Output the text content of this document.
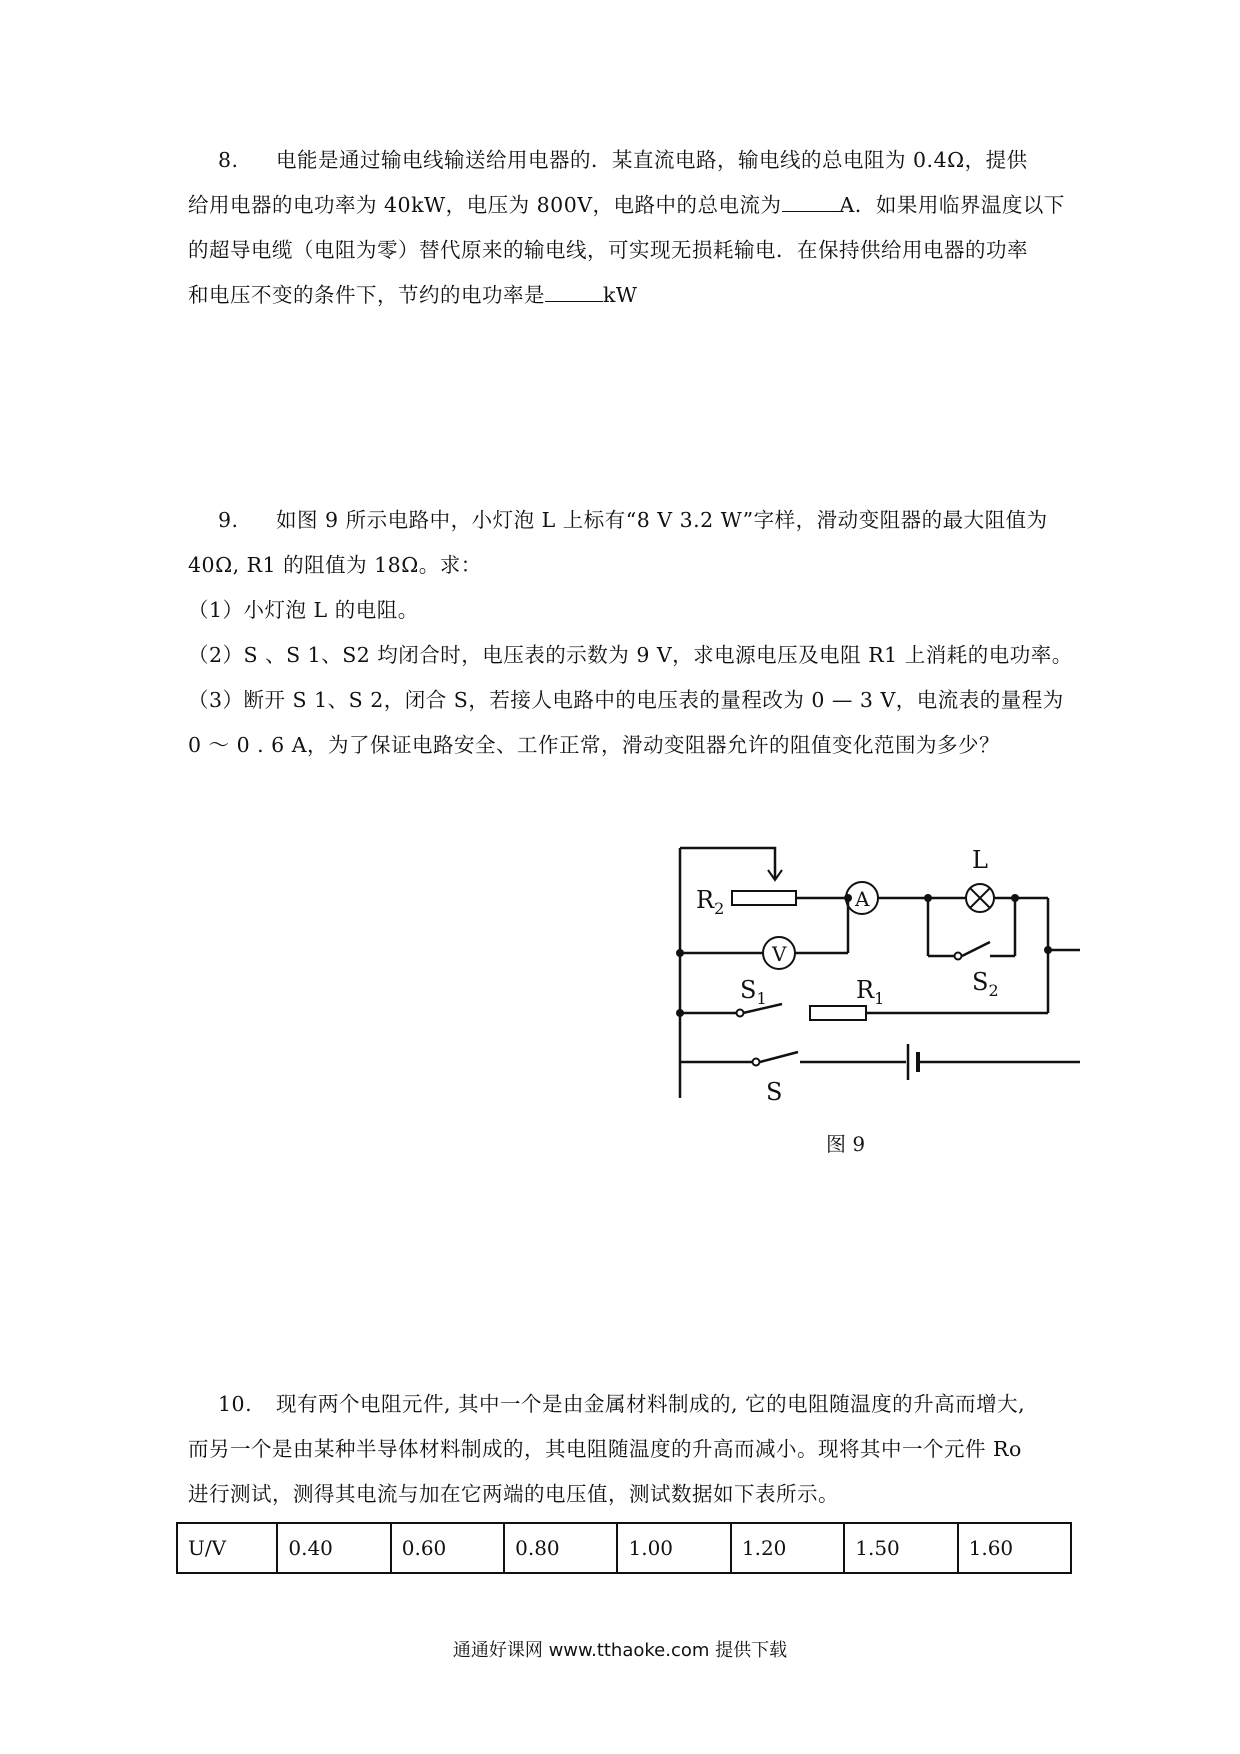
8. 电能是通过输电线输送给用电器的．某直流电路，输电线的总电阻为 0.4Ω，提供

给用电器的电功率为 40kW，电压为 800V，电路中的总电流为	A．如果用临界温度以下

的超导电缆（电阻为零）替代原来的输电线，可实现无损耗输电．在保持供给用电器的功率

和电压不变的条件下，节约的电功率是	kW

9. 如图 9 所示电路中，小灯泡 L 上标有“8 V 3.2 W”字样，滑动变阻器的最大阻值为

40Ω, R1 的阻值为 18Ω。求：

（1）小灯泡 L 的电阻。

（2）S 、S 1、S2 均闭合时，电压表的示数为 9 V，求电源电压及电阻 R1 上消耗的电功率。

（3）断开 S 1、S 2，闭合 S，若接人电路中的电压表的量程改为 0 — 3 V，电流表的量程为

0 ～ 0 . 6 A，为了保证电路安全、工作正常，滑动变阻器允许的阻值变化范围为多少？

$R_2$	A
L
V
$S_1$	$R_1$
$S_2$
S
图 9

10. 现有两个电阻元件, 其中一个是由金属材料制成的, 它的电阻随温度的升高而增大,

而另一个是由某种半导体材料制成的，其电阻随温度的升高而减小。现将其中一个元件 Ro

进行测试，测得其电流与加在它两端的电压值，测试数据如下表所示。

U/V	0.40	0.60	0.80	1.00	1.20	1.50	1.60
通通好课网 www.tthaoke.com 提供下载
